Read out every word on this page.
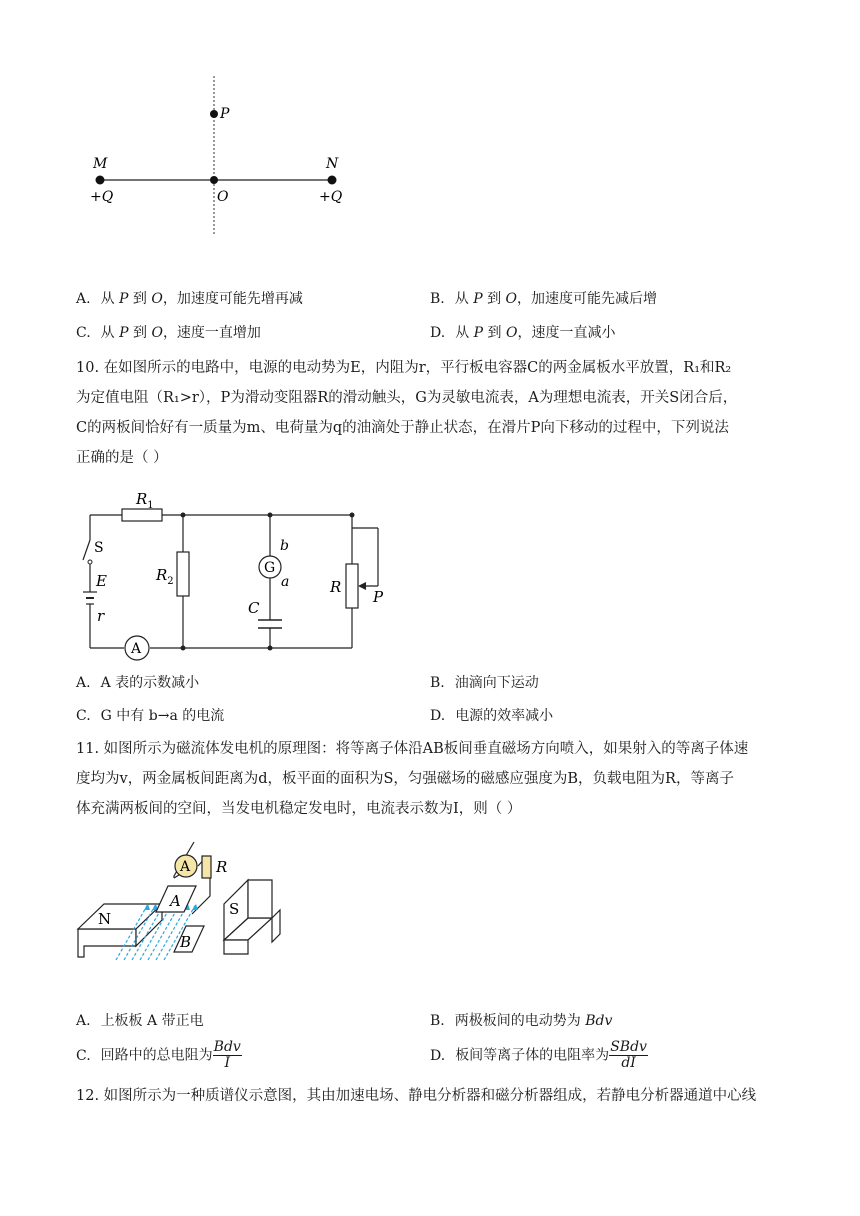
P
M	N
O
+Q	+Q
A. 从 P 到 O，加速度可能先增再减	B. 从 P 到 O，加速度可能先减后增
C. 从 P 到 O，速度一直增加	D. 从 P 到 O，速度一直减小

10. 在如图所示的电路中，电源的电动势为E，内阻为r，平行板电容器C的两金属板水平放置，R₁和R₂

为定值电阻（R₁>r），P为滑动变阻器R的滑动触头，G为灵敏电流表，A为理想电流表，开关S闭合后，

C的两板间恰好有一质量为m、电荷量为q的油滴处于静止状态，在滑片P向下移动的过程中，下列说法

正确的是（ ）

A
G
$R_1$
$R_2$
S
E
r
b
a
C
R
P
A. A 表的示数减小	B. 油滴向下运动
C. G 中有 b→a 的电流	D. 电源的效率减小

11. 如图所示为磁流体发电机的原理图：将等离子体沿AB板间垂直磁场方向喷入，如果射入的等离子体速

度均为v，两金属板间距离为d，板平面的面积为S，匀强磁场的磁感应强度为B，负载电阻为R，等离子

体充满两板间的空间，当发电机稳定发电时，电流表示数为I，则（ ）

A R
N
S
A
B
A. 上板板 A 带正电	B. 两极板间的电动势为 Bdv
C. 回路中的总电阻为 $\frac{\text{Bdv}}{I}$	D. 板间等离子体的电阻率为 $\frac{\text{SBdv}}{dI}$

12. 如图所示为一种质谱仪示意图，其由加速电场、静电分析器和磁分析器组成，若静电分析器通道中心线
